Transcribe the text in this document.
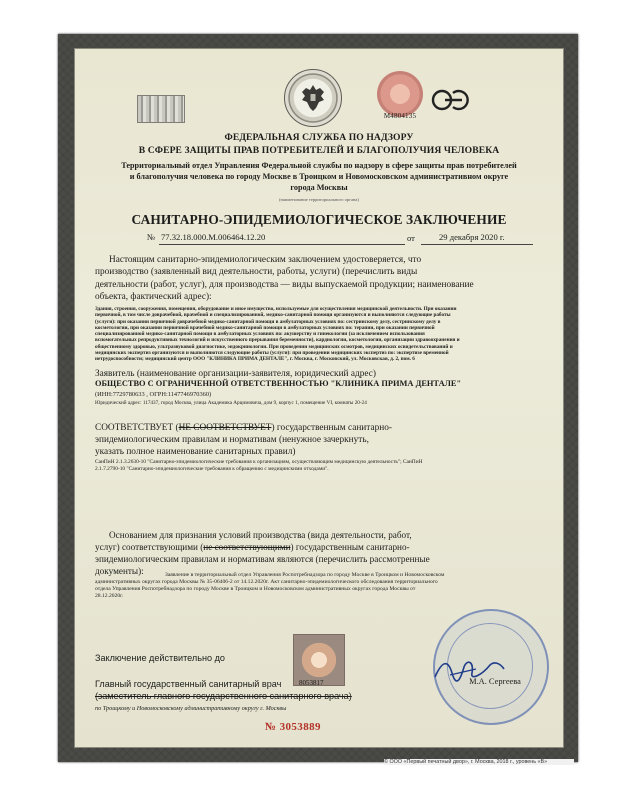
М4804135
ФЕДЕРАЛЬНАЯ СЛУЖБА ПО НАДЗОРУ
В СФЕРЕ ЗАЩИТЫ ПРАВ ПОТРЕБИТЕЛЕЙ И БЛАГОПОЛУЧИЯ ЧЕЛОВЕКА
Территориальный отдел Управления Федеральной службы по надзору в сфере защиты прав потребителей
и благополучия человека по городу Москве в Троицком и Новомосковском административном округе
города Москвы
(наименование территориального органа)
САНИТАРНО-ЭПИДЕМИОЛОГИЧЕСКОЕ ЗАКЛЮЧЕНИЕ
№ 77.32.18.000.М.006464.12.20	от	29 декабря 2020 г.
Настоящим санитарно-эпидемиологическим заключением удостоверяется, что
производство (заявленный вид деятельности, работы, услуги) (перечислить виды
деятельности (работ, услуг), для производства — виды выпускаемой продукции; наименование
объекта, фактический адрес):
Здания, строения, сооружения, помещения, оборудование и иное имущество, используемые для осуществления медицинской деятельности. При оказании
первичной, в том числе доврачебной, врачебной и специализированной, медико-санитарной помощи организуются и выполняются следующие работы
(услуги): при оказании первичной доврачебной медико-санитарной помощи в амбулаторных условиях по: сестринскому делу, сестринскому делу в
косметологии, при оказании первичной врачебной медико-санитарной помощи в амбулаторных условиях по: терапии, при оказании первичной
специализированной медико-санитарной помощи в амбулаторных условиях по: акушерству и гинекологии (за исключением использования
вспомогательных репродуктивных технологий и искусственного прерывания беременности), кардиологии, косметологии, организации здравоохранения и
общественному здоровью, ультразвуковой диагностике, эндокринологии. При проведении медицинских осмотров, медицинских освидетельствований и
медицинских экспертиз организуются и выполняются следующие работы (услуги): при проведении медицинских экспертиз по: экспертизе временной
нетрудоспособности; медицинский центр ООО "КЛИНИКА ПРИМА ДЕНТАЛЕ", г. Москва, г. Московский, ул. Московская, д. 2, пом. 6
Заявитель (наименование организации-заявителя, юридический адрес)
ОБЩЕСТВО С ОГРАНИЧЕННОЙ ОТВЕТСТВЕННОСТЬЮ "КЛИНИКА ПРИМА ДЕНТАЛЕ"
(ИНН:7729780633 , ОГРН:1147746970360)
Юридический адрес: 117437, город Москва, улица Академика Арцимовича, дом 9, корпус 1, помещение VI, комнаты 20-24
СООТВЕТСТВУЕТ (НЕ СООТВЕТСТВУЕТ) государственным санитарно-
эпидемиологическим правилам и нормативам (ненужное зачеркнуть,
указать полное наименование санитарных правил)
СанПиН 2.1.3.2630-10 "Санитарно-эпидемиологические требования к организациям, осуществляющим медицинскую деятельность"; СанПиН
2.1.7.2790-10 "Санитарно-эпидемиологические требования к обращению с медицинскими отходами".
Основанием для признания условий производства (вида деятельности, работ,
услуг) соответствующими (не соответствующими) государственным санитарно-
эпидемиологическим правилам и нормативам являются (перечислить рассмотренные
документы):	Заявление в территориальный отдел Управления Роспотребнадзора по городу Москве в Троицком и Новомосковском
административных округах города Москвы № 35-06406-2 от 14.12.2020г. Акт санитарно-эпидемиологического обследования территориального
отдела Управления Роспотребнадзора по городу Москве в Троицком и Новомосковском административных округах города Москвы от
28.12.2020г.
8053817
Заключение действительно до
Главный государственный санитарный врач
(заместитель главного государственного санитарного врача)
по Троицкому и Новомосковскому административному округу г. Москвы
М.А. Сергеева
№ 3053889
© ООО «Первый печатный двор», г. Москва, 2018 г., уровень «В»
